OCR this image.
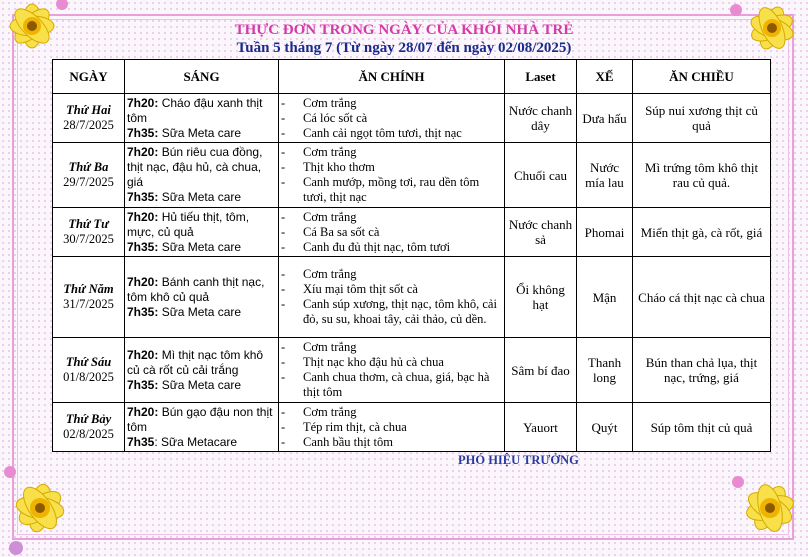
THỰC ĐƠN TRONG NGÀY CỦA KHỐI NHÀ TRẺ
Tuần 5 tháng 7 (Từ ngày 28/07 đến ngày 02/08/2025)
NGÀY	SÁNG	ĂN CHÍNH	Laset	XẾ	ĂN CHIỀU

Thứ Hai
28/7/2025	7h20: Cháo đậu xanh thịt tôm
7h35: Sữa Meta care	- Cơm trắng
- Cá lóc sốt cà
- Canh cải ngọt tôm tươi, thịt nạc	Nước chanh dây	Dưa hấu	Súp nui xương thịt củ quả

Thứ Ba
29/7/2025	7h20: Bún riêu cua đồng, thịt nạc, đậu hủ, cà chua, giá
7h35: Sữa Meta care	- Cơm trắng
- Thịt kho thơm
- Canh mướp, mồng tơi, rau dền tôm tươi, thịt nạc	Chuối cau	Nước mía lau	Mì trứng tôm khô thịt rau củ quả.

Thứ Tư
30/7/2025	7h20: Hủ tiếu thịt, tôm, mực, củ quả
7h35: Sữa Meta care	- Cơm trắng
- Cá Ba sa sốt cà
- Canh đu đủ thịt nạc, tôm tươi	Nước chanh sả	Phomai	Miến thịt gà, cà rốt, giá

Thứ Năm
31/7/2025	7h20: Bánh canh thịt nạc, tôm khô củ quả
7h35: Sữa Meta care	- Cơm trắng
- Xíu mại tôm thịt sốt cà
- Canh súp xương, thịt nạc, tôm khô, cải đỏ, su su, khoai tây, cải thảo, củ dền.	Ổi không hạt	Mận	Cháo cá thịt nạc cà chua

Thứ Sáu
01/8/2025	7h20: Mì thịt nạc tôm khô củ cà rốt củ cải trắng
7h35: Sữa Meta care	- Cơm trắng
- Thịt nạc kho đậu hủ cà chua
- Canh chua thơm, cà chua, giá, bạc hà thịt tôm	Sâm bí đao	Thanh long	Bún than chả lụa, thịt nạc, trứng, giá

Thứ Bảy
02/8/2025	7h20: Bún gạo đậu non thịt tôm
7h35: Sữa Metacare	- Cơm trắng
- Tép rim thịt, cà chua
- Canh bầu thịt tôm	Yauort	Quýt	Súp tôm thịt củ quả
PHÓ HIỆU TRƯỞNG
